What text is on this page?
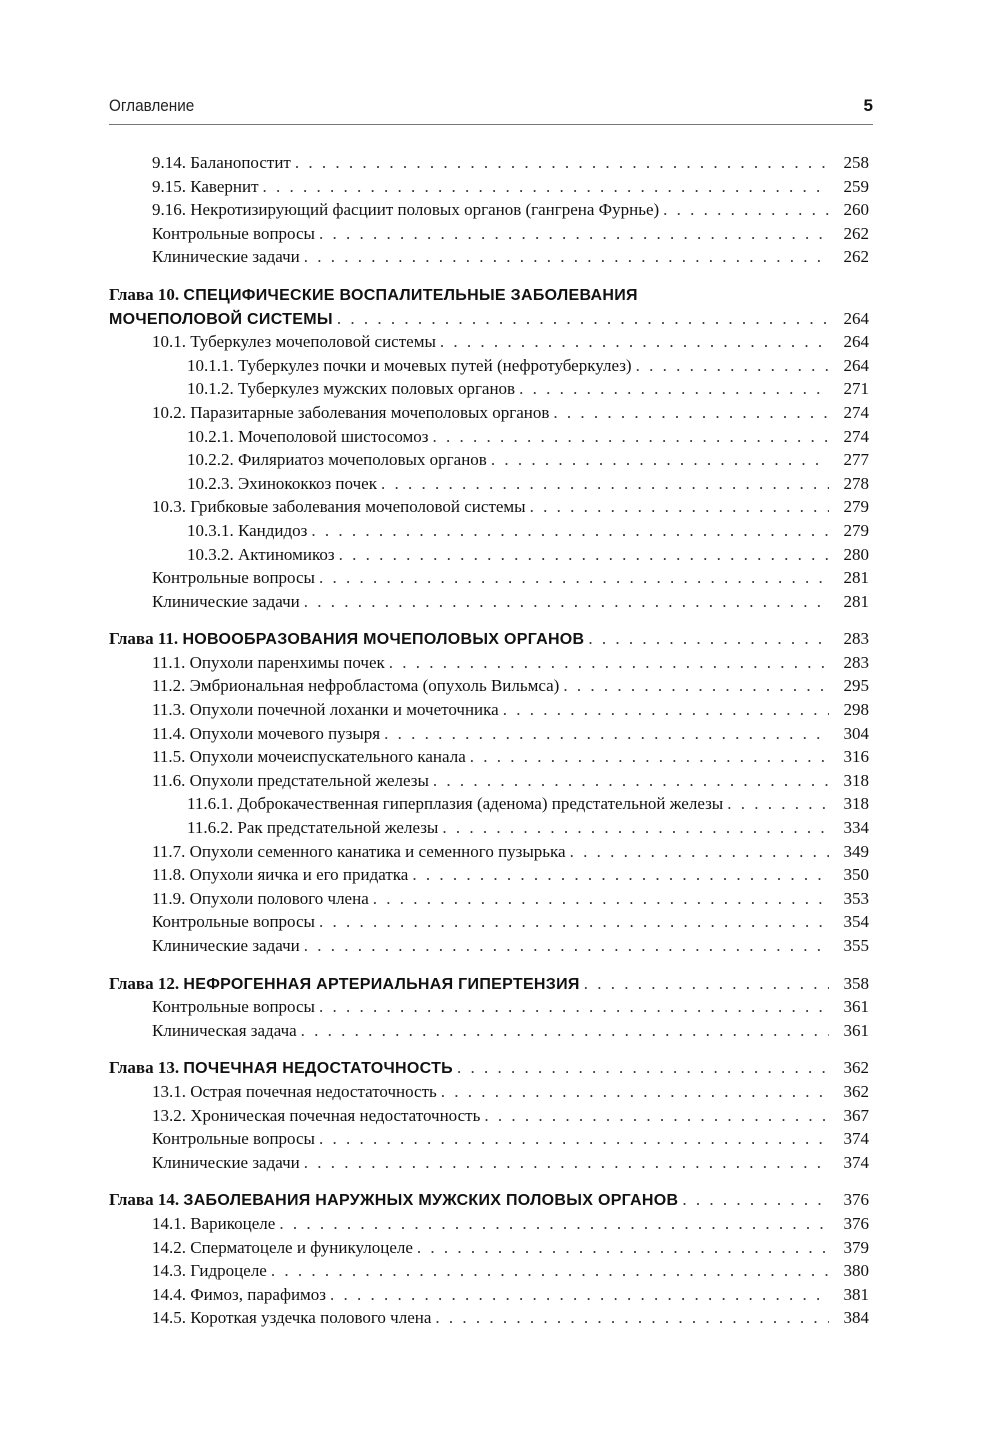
Оглавление	5
9.14. Баланопостит . . .	258
9.15. Кавернит . . .	259
9.16. Некротизирующий фасциит половых органов (гангрена Фурнье) . . .	260
Контрольные вопросы . . .	262
Клинические задачи . . .	262
Глава 10. СПЕЦИФИЧЕСКИЕ ВОСПАЛИТЕЛЬНЫЕ ЗАБОЛЕВАНИЯ
МОЧЕПОЛОВОЙ СИСТЕМЫ . . .	264
10.1. Туберкулез мочеполовой системы . . .	264
10.1.1. Туберкулез почки и мочевых путей (нефротуберкулез) . . .	264
10.1.2. Туберкулез мужских половых органов . . .	271
10.2. Паразитарные заболевания мочеполовых органов . . .	274
10.2.1. Мочеполовой шистосомоз . . .	274
10.2.2. Филяриатоз мочеполовых органов . . .	277
10.2.3. Эхинококкоз почек . . .	278
10.3. Грибковые заболевания мочеполовой системы . . .	279
10.3.1. Кандидоз . . .	279
10.3.2. Актиномикоз . . .	280
Контрольные вопросы . . .	281
Клинические задачи . . .	281
Глава 11. НОВООБРАЗОВАНИЯ МОЧЕПОЛОВЫХ ОРГАНОВ . . .	283
11.1. Опухоли паренхимы почек . . .	283
11.2. Эмбриональная нефробластома (опухоль Вильмса) . . .	295
11.3. Опухоли почечной лоханки и мочеточника . . .	298
11.4. Опухоли мочевого пузыря . . .	304
11.5. Опухоли мочеиспускательного канала . . .	316
11.6. Опухоли предстательной железы . . .	318
11.6.1. Доброкачественная гиперплазия (аденома) предстательной железы . . .	318
11.6.2. Рак предстательной железы . . .	334
11.7. Опухоли семенного канатика и семенного пузырька . . .	349
11.8. Опухоли яичка и его придатка . . .	350
11.9. Опухоли полового члена . . .	353
Контрольные вопросы . . .	354
Клинические задачи . . .	355
Глава 12. НЕФРОГЕННАЯ АРТЕРИАЛЬНАЯ ГИПЕРТЕНЗИЯ . . .	358
Контрольные вопросы . . .	361
Клиническая задача . . .	361
Глава 13. ПОЧЕЧНАЯ НЕДОСТАТОЧНОСТЬ . . .	362
13.1. Острая почечная недостаточность . . .	362
13.2. Хроническая почечная недостаточность . . .	367
Контрольные вопросы . . .	374
Клинические задачи . . .	374
Глава 14. ЗАБОЛЕВАНИЯ НАРУЖНЫХ МУЖСКИХ ПОЛОВЫХ ОРГАНОВ . . .	376
14.1. Варикоцеле . . .	376
14.2. Сперматоцеле и фуникулоцеле . . .	379
14.3. Гидроцеле . . .	380
14.4. Фимоз, парафимоз . . .	381
14.5. Короткая уздечка полового члена . . .	384
